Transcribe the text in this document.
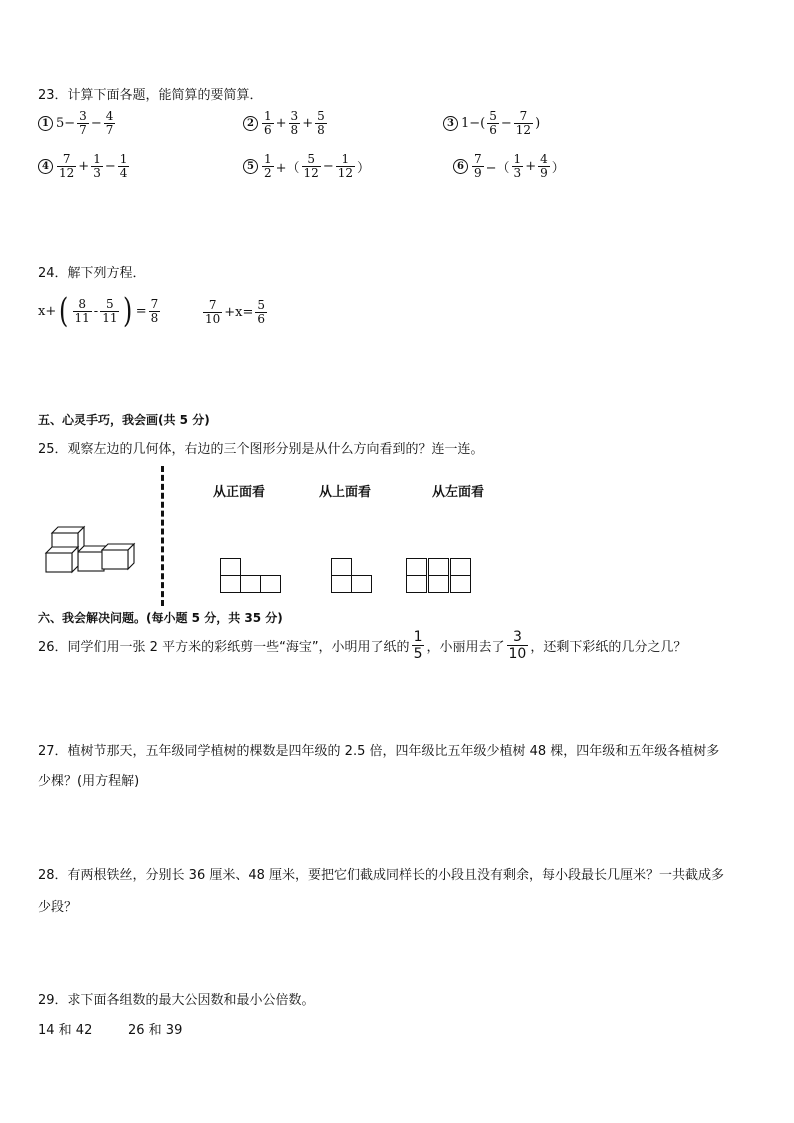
23．计算下面各题，能简算的要简算．
1 $5- \frac{3}{7} - \frac{4}{7}$	$2 \frac{1}{6} + \frac{3}{8} + \frac{5}{8}$	3 $1-( \frac{5}{6} - \frac{7}{12}$ )
$4 \frac{7}{12} + \frac{1}{3} - \frac{1}{4}$	$5 \frac{1}{2}$ +（ $\frac{5}{12} - \frac{1}{12}$ ）	$6 \frac{7}{9}$ −（ $\frac{1}{3} + \frac{4}{9}$ ）
24．解下列方程．
x+ ( $\frac{8}{11} - \frac{5}{11}$ ) = $\frac{7}{8}$	$\frac{7}{10} +x= \frac{5}{6}$
五、心灵手巧，我会画(共 5 分)
25．观察左边的几何体，右边的三个图形分别是从什么方向看到的？连一连。
从正面看	从上面看	从左面看
六、我会解决问题。(每小题 5 分，共 35 分)
26．同学们用一张 2 平方米的彩纸剪一些“海宝”，小明用了纸的 $\frac{1}{5}$ ，小丽用去了 $\frac{3}{10}$ ，还剩下彩纸的几分之几？
27．植树节那天，五年级同学植树的棵数是四年级的 2.5 倍，四年级比五年级少植树 48 棵，四年级和五年级各植树多
少棵？(用方程解)
28．有两根铁丝，分别长 36 厘米、48 厘米，要把它们截成同样长的小段且没有剩余，每小段最长几厘米？一共截成多
少段？
29．求下面各组数的最大公因数和最小公倍数。
14 和 42	26 和 39
